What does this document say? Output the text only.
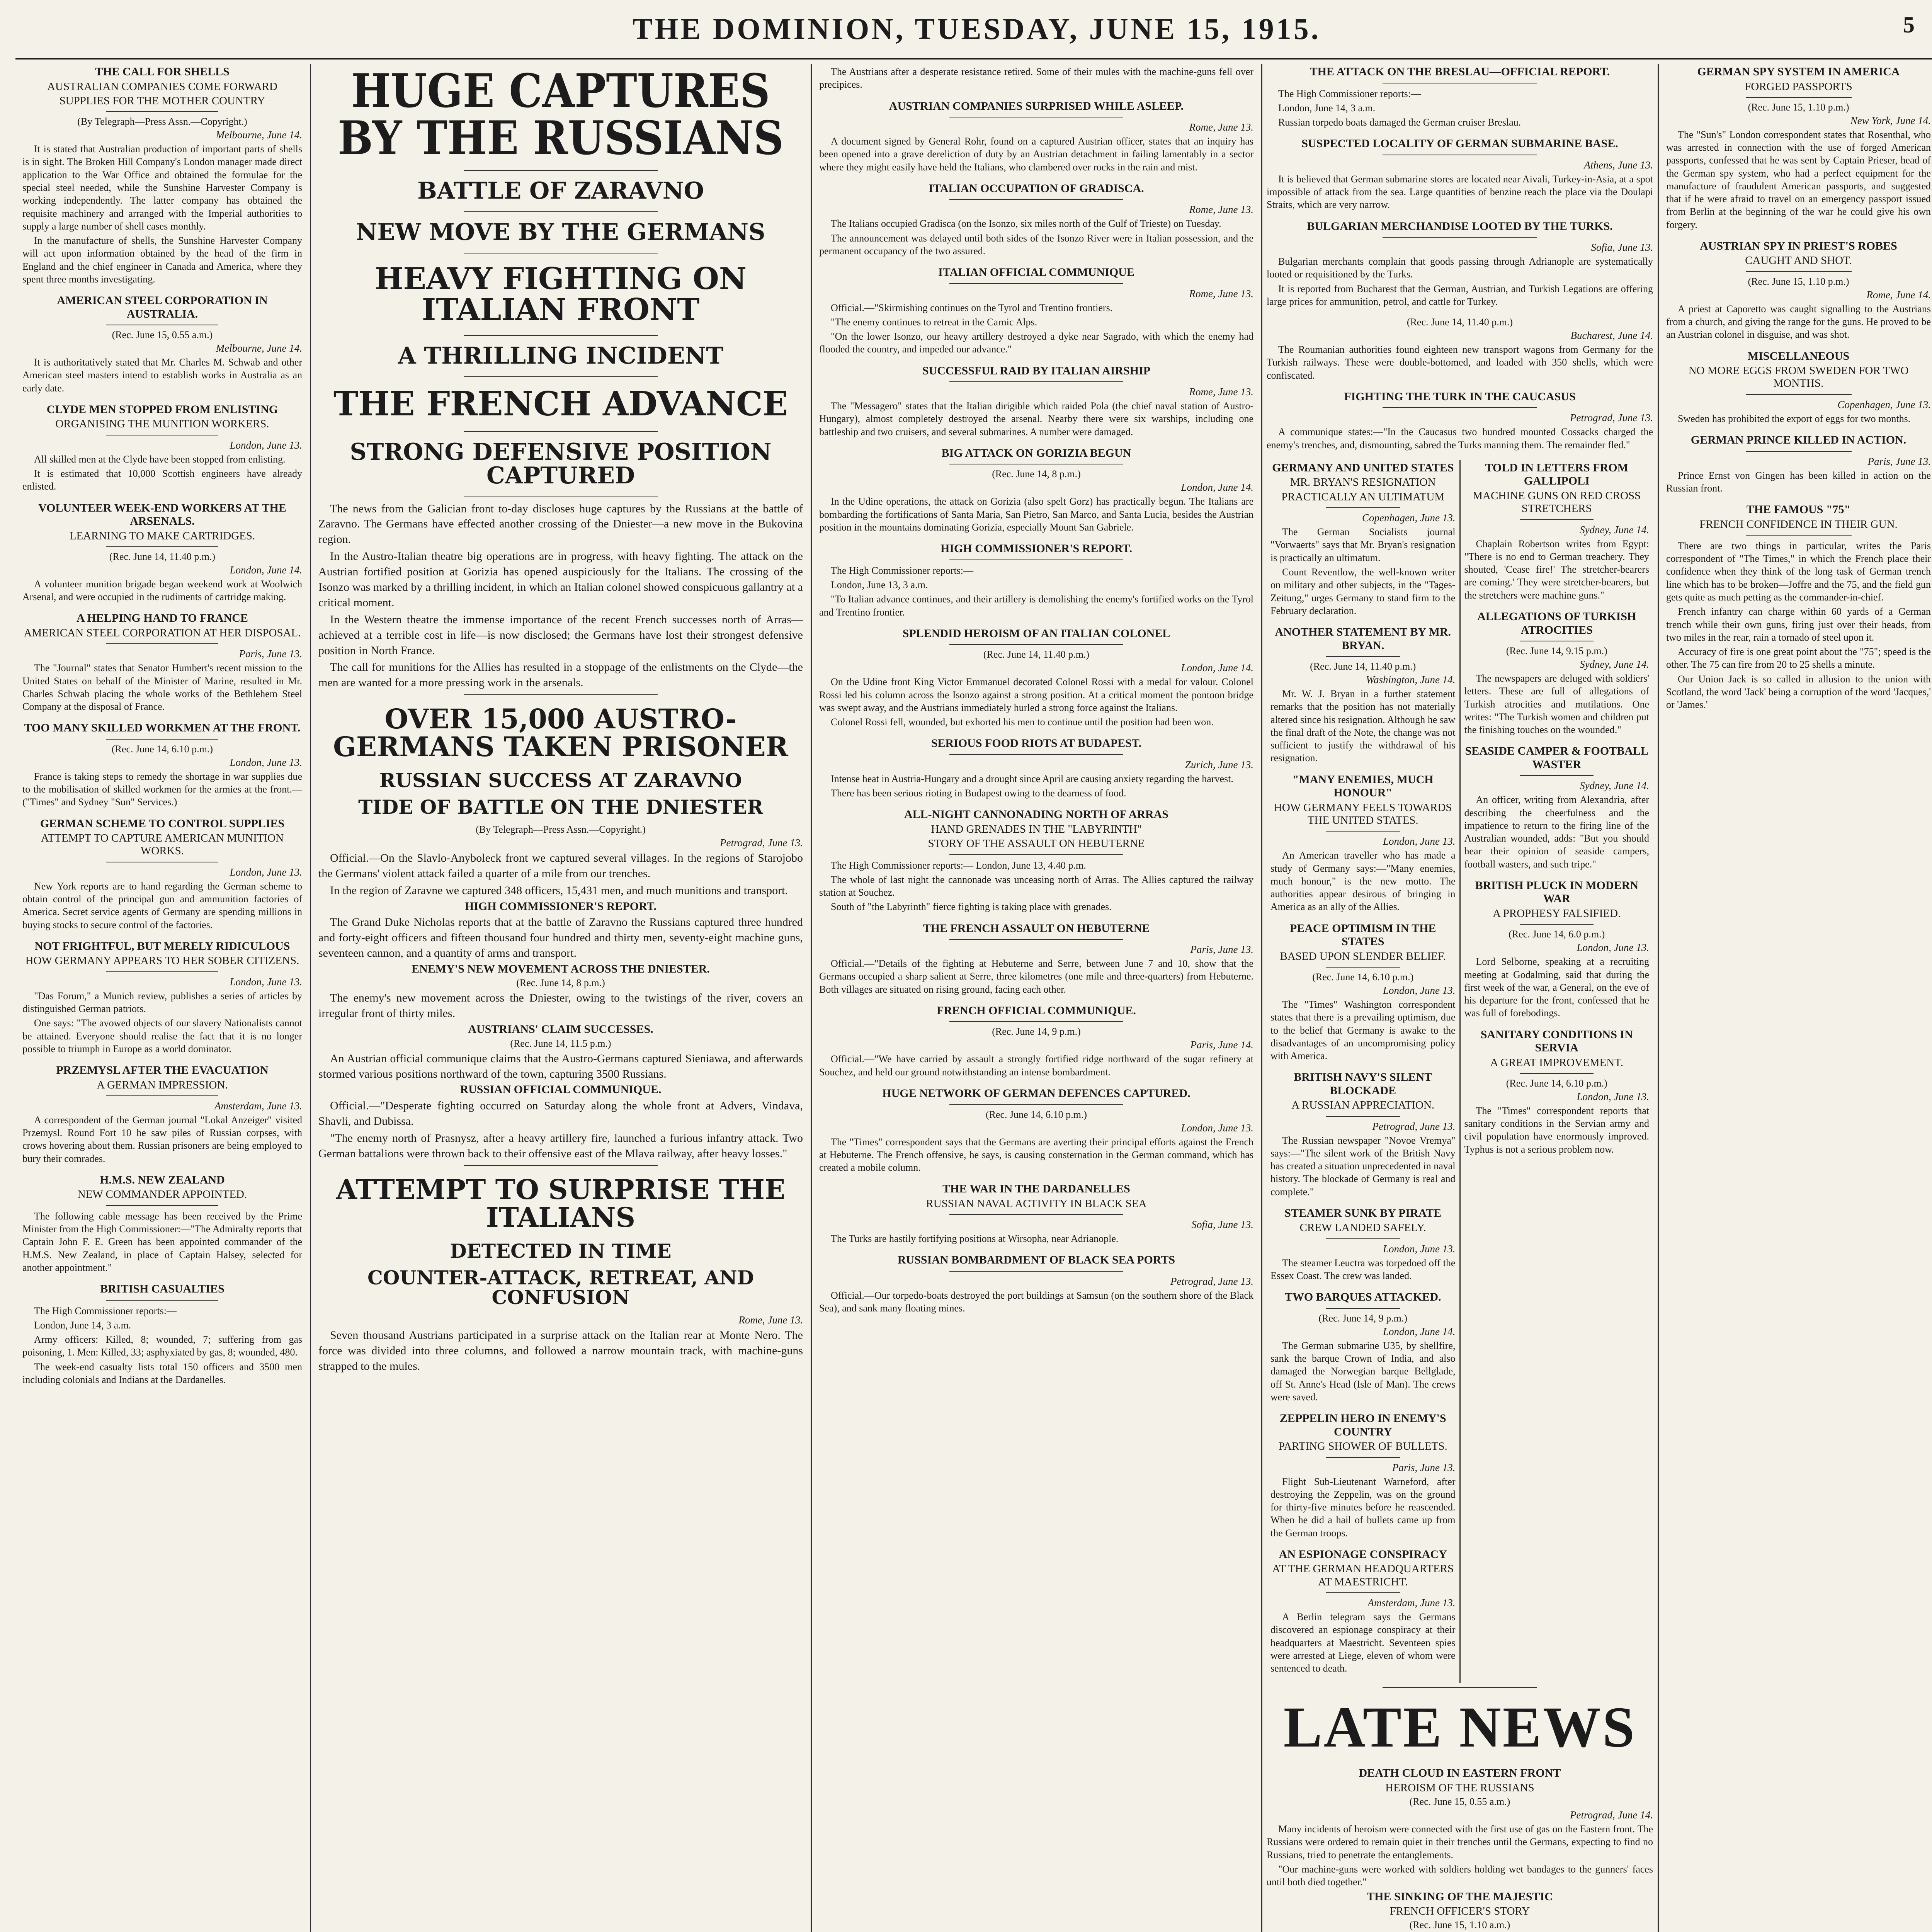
THE DOMINION, TUESDAY, JUNE 15, 1915.	5
THE CALL FOR SHELLS
AUSTRALIAN COMPANIES COME FORWARD
SUPPLIES FOR THE MOTHER COUNTRY
(By Telegraph—Press Assn.—Copyright.)
Melbourne, June 14.

It is stated that Australian production of important parts of shells is in sight. The Broken Hill Company's London manager made direct application to the War Office and obtained the formulae for the special steel needed, while the Sunshine Harvester Company is working independently. The latter company has obtained the requisite machinery and arranged with the Imperial authorities to supply a large number of shell cases monthly.

In the manufacture of shells, the Sunshine Harvester Company will act upon information obtained by the head of the firm in England and the chief engineer in Canada and America, where they spent three months investigating.

AMERICAN STEEL CORPORATION IN AUSTRALIA.
(Rec. June 15, 0.55 a.m.)
Melbourne, June 14.

It is authoritatively stated that Mr. Charles M. Schwab and other American steel masters intend to establish works in Australia as an early date.

CLYDE MEN STOPPED FROM ENLISTING
ORGANISING THE MUNITION WORKERS.
London, June 13.

All skilled men at the Clyde have been stopped from enlisting.

It is estimated that 10,000 Scottish engineers have already enlisted.

VOLUNTEER WEEK-END WORKERS AT THE ARSENALS.
LEARNING TO MAKE CARTRIDGES.
(Rec. June 14, 11.40 p.m.)
London, June 14.

A volunteer munition brigade began weekend work at Woolwich Arsenal, and were occupied in the rudiments of cartridge making.

A HELPING HAND TO FRANCE
AMERICAN STEEL CORPORATION AT HER DISPOSAL.
Paris, June 13.

The "Journal" states that Senator Humbert's recent mission to the United States on behalf of the Minister of Marine, resulted in Mr. Charles Schwab placing the whole works of the Bethlehem Steel Company at the disposal of France.

TOO MANY SKILLED WORKMEN AT THE FRONT.
(Rec. June 14, 6.10 p.m.)
London, June 13.

France is taking steps to remedy the shortage in war supplies due to the mobilisation of skilled workmen for the armies at the front.—("Times" and Sydney "Sun" Services.)

GERMAN SCHEME TO CONTROL SUPPLIES
ATTEMPT TO CAPTURE AMERICAN MUNITION WORKS.
London, June 13.

New York reports are to hand regarding the German scheme to obtain control of the principal gun and ammunition factories of America. Secret service agents of Germany are spending millions in buying stocks to secure control of the factories.

NOT FRIGHTFUL, BUT MERELY RIDICULOUS
HOW GERMANY APPEARS TO HER SOBER CITIZENS.
London, June 13.

"Das Forum," a Munich review, publishes a series of articles by distinguished German patriots.

One says: "The avowed objects of our slavery Nationalists cannot be attained. Everyone should realise the fact that it is no longer possible to triumph in Europe as a world dominator.

PRZEMYSL AFTER THE EVACUATION
A GERMAN IMPRESSION.
Amsterdam, June 13.

A correspondent of the German journal "Lokal Anzeiger" visited Przemysl. Round Fort 10 he saw piles of Russian corpses, with crows hovering about them. Russian prisoners are being employed to bury their comrades.

H.M.S. NEW ZEALAND
NEW COMMANDER APPOINTED.

The following cable message has been received by the Prime Minister from the High Commissioner:—"The Admiralty reports that Captain John F. E. Green has been appointed commander of the H.M.S. New Zealand, in place of Captain Halsey, selected for another appointment."

BRITISH CASUALTIES

The High Commissioner reports:—

London, June 14, 3 a.m.

Army officers: Killed, 8; wounded, 7; suffering from gas poisoning, 1. Men: Killed, 33; asphyxiated by gas, 8; wounded, 480.

The week-end casualty lists total 150 officers and 3500 men including colonials and Indians at the Dardanelles.

HUGE CAPTURES BY THE RUSSIANS
BATTLE OF ZARAVNO
NEW MOVE BY THE GERMANS
HEAVY FIGHTING ON ITALIAN FRONT
A THRILLING INCIDENT
THE FRENCH ADVANCE
STRONG DEFENSIVE POSITION CAPTURED

The news from the Galician front to-day discloses huge captures by the Russians at the battle of Zaravno. The Germans have effected another crossing of the Dniester—a new move in the Bukovina region.

In the Austro-Italian theatre big operations are in progress, with heavy fighting. The attack on the Austrian fortified position at Gorizia has opened auspiciously for the Italians. The crossing of the Isonzo was marked by a thrilling incident, in which an Italian colonel showed conspicuous gallantry at a critical moment.

In the Western theatre the immense importance of the recent French successes north of Arras—achieved at a terrible cost in life—is now disclosed; the Germans have lost their strongest defensive position in North France.

The call for munitions for the Allies has resulted in a stoppage of the enlistments on the Clyde—the men are wanted for a more pressing work in the arsenals.

OVER 15,000 AUSTRO-GERMANS TAKEN PRISONER
RUSSIAN SUCCESS AT ZARAVNO
TIDE OF BATTLE ON THE DNIESTER
(By Telegraph—Press Assn.—Copyright.)
Petrograd, June 13.

Official.—On the Slavlo-Anyboleck front we captured several villages. In the regions of Starojobo the Germans' violent attack failed a quarter of a mile from our trenches.

In the region of Zaravne we captured 348 officers, 15,431 men, and much munitions and transport.

HIGH COMMISSIONER'S REPORT.

The Grand Duke Nicholas reports that at the battle of Zaravno the Russians captured three hundred and forty-eight officers and fifteen thousand four hundred and thirty men, seventy-eight machine guns, seventeen cannon, and a quantity of arms and transport.

ENEMY'S NEW MOVEMENT ACROSS THE DNIESTER.
(Rec. June 14, 8 p.m.)

The enemy's new movement across the Dniester, owing to the twistings of the river, covers an irregular front of thirty miles.

AUSTRIANS' CLAIM SUCCESSES.
(Rec. June 14, 11.5 p.m.)

An Austrian official communique claims that the Austro-Germans captured Sieniawa, and afterwards stormed various positions northward of the town, capturing 3500 Russians.

RUSSIAN OFFICIAL COMMUNIQUE.

Official.—"Desperate fighting occurred on Saturday along the whole front at Advers, Vindava, Shavli, and Dubissa.

"The enemy north of Prasnysz, after a heavy artillery fire, launched a furious infantry attack. Two German battalions were thrown back to their offensive east of the Mlava railway, after heavy losses."

ATTEMPT TO SURPRISE THE ITALIANS
DETECTED IN TIME
COUNTER-ATTACK, RETREAT, AND CONFUSION
Rome, June 13.

Seven thousand Austrians participated in a surprise attack on the Italian rear at Monte Nero. The force was divided into three columns, and followed a narrow mountain track, with machine-guns strapped to the mules.

The Austrians after a desperate resistance retired. Some of their mules with the machine-guns fell over precipices.

AUSTRIAN COMPANIES SURPRISED WHILE ASLEEP.
Rome, June 13.

A document signed by General Rohr, found on a captured Austrian officer, states that an inquiry has been opened into a grave dereliction of duty by an Austrian detachment in failing lamentably in a sector where they might easily have held the Italians, who clambered over rocks in the rain and mist.

ITALIAN OCCUPATION OF GRADISCA.
Rome, June 13.

The Italians occupied Gradisca (on the Isonzo, six miles north of the Gulf of Trieste) on Tuesday.

The announcement was delayed until both sides of the Isonzo River were in Italian possession, and the permanent occupancy of the two assured.

ITALIAN OFFICIAL COMMUNIQUE
Rome, June 13.

Official.—"Skirmishing continues on the Tyrol and Trentino frontiers.

"The enemy continues to retreat in the Carnic Alps.

"On the lower Isonzo, our heavy artillery destroyed a dyke near Sagrado, with which the enemy had flooded the country, and impeded our advance."

SUCCESSFUL RAID BY ITALIAN AIRSHIP
Rome, June 13.

The "Messagero" states that the Italian dirigible which raided Pola (the chief naval station of Austro-Hungary), almost completely destroyed the arsenal. Nearby there were six warships, including one battleship and two cruisers, and several submarines. A number were damaged.

BIG ATTACK ON GORIZIA BEGUN
(Rec. June 14, 8 p.m.)
London, June 14.

In the Udine operations, the attack on Gorizia (also spelt Gorz) has practically begun. The Italians are bombarding the fortifications of Santa Maria, San Pietro, San Marco, and Santa Lucia, besides the Austrian position in the mountains dominating Gorizia, especially Mount San Gabriele.

HIGH COMMISSIONER'S REPORT.

The High Commissioner reports:—

London, June 13, 3 a.m.

"To Italian advance continues, and their artillery is demolishing the enemy's fortified works on the Tyrol and Trentino frontier.

SPLENDID HEROISM OF AN ITALIAN COLONEL
(Rec. June 14, 11.40 p.m.)
London, June 14.

On the Udine front King Victor Emmanuel decorated Colonel Rossi with a medal for valour. Colonel Rossi led his column across the Isonzo against a strong position. At a critical moment the pontoon bridge was swept away, and the Austrians immediately hurled a strong force against the Italians.

Colonel Rossi fell, wounded, but exhorted his men to continue until the position had been won.

SERIOUS FOOD RIOTS AT BUDAPEST.
Zurich, June 13.

Intense heat in Austria-Hungary and a drought since April are causing anxiety regarding the harvest.

There has been serious rioting in Budapest owing to the dearness of food.

ALL-NIGHT CANNONADING NORTH OF ARRAS
HAND GRENADES IN THE "LABYRINTH"
STORY OF THE ASSAULT ON HEBUTERNE

The High Commissioner reports:— London, June 13, 4.40 p.m.

The whole of last night the cannonade was unceasing north of Arras. The Allies captured the railway station at Souchez.

South of "the Labyrinth" fierce fighting is taking place with grenades.

THE FRENCH ASSAULT ON HEBUTERNE
Paris, June 13.

Official.—"Details of the fighting at Hebuterne and Serre, between June 7 and 10, show that the Germans occupied a sharp salient at Serre, three kilometres (one mile and three-quarters) from Hebuterne. Both villages are situated on rising ground, facing each other.

FRENCH OFFICIAL COMMUNIQUE.
(Rec. June 14, 9 p.m.)
Paris, June 14.

Official.—"We have carried by assault a strongly fortified ridge northward of the sugar refinery at Souchez, and held our ground notwithstanding an intense bombardment.

HUGE NETWORK OF GERMAN DEFENCES CAPTURED.
(Rec. June 14, 6.10 p.m.)
London, June 13.

The "Times" correspondent says that the Germans are averting their principal efforts against the French at Hebuterne. The French offensive, he says, is causing consternation in the German command, which has created a mobile column.

THE WAR IN THE DARDANELLES
RUSSIAN NAVAL ACTIVITY IN BLACK SEA
Sofia, June 13.

The Turks are hastily fortifying positions at Wirsopha, near Adrianople.

RUSSIAN BOMBARDMENT OF BLACK SEA PORTS
Petrograd, June 13.

Official.—Our torpedo-boats destroyed the port buildings at Samsun (on the southern shore of the Black Sea), and sank many floating mines.

THE ATTACK ON THE BRESLAU—OFFICIAL REPORT.

The High Commissioner reports:—

London, June 14, 3 a.m.

Russian torpedo boats damaged the German cruiser Breslau.

SUSPECTED LOCALITY OF GERMAN SUBMARINE BASE.
Athens, June 13.

It is believed that German submarine stores are located near Aivali, Turkey-in-Asia, at a spot impossible of attack from the sea. Large quantities of benzine reach the place via the Doulapi Straits, which are very narrow.

BULGARIAN MERCHANDISE LOOTED BY THE TURKS.
Sofia, June 13.

Bulgarian merchants complain that goods passing through Adrianople are systematically looted or requisitioned by the Turks.

It is reported from Bucharest that the German, Austrian, and Turkish Legations are offering large prices for ammunition, petrol, and cattle for Turkey.

(Rec. June 14, 11.40 p.m.)
Bucharest, June 14.

The Roumanian authorities found eighteen new transport wagons from Germany for the Turkish railways. These were double-bottomed, and loaded with 350 shells, which were confiscated.

FIGHTING THE TURK IN THE CAUCASUS
Petrograd, June 13.

A communique states:—"In the Caucasus two hundred mounted Cossacks charged the enemy's trenches, and, dismounting, sabred the Turks manning them. The remainder fled."

GERMANY AND UNITED STATES
MR. BRYAN'S RESIGNATION
PRACTICALLY AN ULTIMATUM
Copenhagen, June 13.

The German Socialists journal "Vorwaerts" says that Mr. Bryan's resignation is practically an ultimatum.

Count Reventlow, the well-known writer on military and other subjects, in the "Tages-Zeitung," urges Germany to stand firm to the February declaration.

ANOTHER STATEMENT BY MR. BRYAN.
(Rec. June 14, 11.40 p.m.)
Washington, June 14.

Mr. W. J. Bryan in a further statement remarks that the position has not materially altered since his resignation. Although he saw the final draft of the Note, the change was not sufficient to justify the withdrawal of his resignation.

"MANY ENEMIES, MUCH HONOUR"
HOW GERMANY FEELS TOWARDS THE UNITED STATES.
London, June 13.

An American traveller who has made a study of Germany says:—"Many enemies, much honour," is the new motto. The authorities appear desirous of bringing in America as an ally of the Allies.

PEACE OPTIMISM IN THE STATES
BASED UPON SLENDER BELIEF.
(Rec. June 14, 6.10 p.m.)
London, June 13.

The "Times" Washington correspondent states that there is a prevailing optimism, due to the belief that Germany is awake to the disadvantages of an uncompromising policy with America.

BRITISH NAVY'S SILENT BLOCKADE
A RUSSIAN APPRECIATION.
Petrograd, June 13.

The Russian newspaper "Novoe Vremya" says:—"The silent work of the British Navy has created a situation unprecedented in naval history. The blockade of Germany is real and complete."

STEAMER SUNK BY PIRATE
CREW LANDED SAFELY.
London, June 13.

The steamer Leuctra was torpedoed off the Essex Coast. The crew was landed.

TWO BARQUES ATTACKED.
(Rec. June 14, 9 p.m.)
London, June 14.

The German submarine U35, by shellfire, sank the barque Crown of India, and also damaged the Norwegian barque Bellglade, off St. Anne's Head (Isle of Man). The crews were saved.

ZEPPELIN HERO IN ENEMY'S COUNTRY
PARTING SHOWER OF BULLETS.
Paris, June 13.

Flight Sub-Lieutenant Warneford, after destroying the Zeppelin, was on the ground for thirty-five minutes before he reascended. When he did a hail of bullets came up from the German troops.

AN ESPIONAGE CONSPIRACY
AT THE GERMAN HEADQUARTERS AT MAESTRICHT.
Amsterdam, June 13.

A Berlin telegram says the Germans discovered an espionage conspiracy at their headquarters at Maestricht. Seventeen spies were arrested at Liege, eleven of whom were sentenced to death.

TOLD IN LETTERS FROM GALLIPOLI
MACHINE GUNS ON RED CROSS STRETCHERS
Sydney, June 14.

Chaplain Robertson writes from Egypt: "There is no end to German treachery. They shouted, 'Cease fire!' The stretcher-bearers are coming.' They were stretcher-bearers, but the stretchers were machine guns."

ALLEGATIONS OF TURKISH ATROCITIES
(Rec. June 14, 9.15 p.m.)
Sydney, June 14.

The newspapers are deluged with soldiers' letters. These are full of allegations of Turkish atrocities and mutilations. One writes: "The Turkish women and children put the finishing touches on the wounded."

SEASIDE CAMPER & FOOTBALL WASTER
Sydney, June 14.

An officer, writing from Alexandria, after describing the cheerfulness and the impatience to return to the firing line of the Australian wounded, adds: "But you should hear their opinion of seaside campers, football wasters, and such tripe."

BRITISH PLUCK IN MODERN WAR
A PROPHESY FALSIFIED.
(Rec. June 14, 6.0 p.m.)
London, June 13.

Lord Selborne, speaking at a recruiting meeting at Godalming, said that during the first week of the war, a General, on the eve of his departure for the front, confessed that he was full of forebodings.

SANITARY CONDITIONS IN SERVIA
A GREAT IMPROVEMENT.
(Rec. June 14, 6.10 p.m.)
London, June 13.

The "Times" correspondent reports that sanitary conditions in the Servian army and civil population have enormously improved. Typhus is not a serious problem now.

LATE NEWS
DEATH CLOUD IN EASTERN FRONT
HEROISM OF THE RUSSIANS
(Rec. June 15, 0.55 a.m.)
Petrograd, June 14.

Many incidents of heroism were connected with the first use of gas on the Eastern front. The Russians were ordered to remain quiet in their trenches until the Germans, expecting to find no Russians, tried to penetrate the entanglements.

"Our machine-guns were worked with soldiers holding wet bandages to the gunners' faces until both died together."

THE SINKING OF THE MAJESTIC
FRENCH OFFICER'S STORY
(Rec. June 15, 1.10 a.m.)

GERMAN SPY SYSTEM IN AMERICA
FORGED PASSPORTS
(Rec. June 15, 1.10 p.m.)
New York, June 14.

The "Sun's" London correspondent states that Rosenthal, who was arrested in connection with the use of forged American passports, confessed that he was sent by Captain Prieser, head of the German spy system, who had a perfect equipment for the manufacture of fraudulent American passports, and suggested that if he were afraid to travel on an emergency passport issued from Berlin at the beginning of the war he could give his own forgery.

AUSTRIAN SPY IN PRIEST'S ROBES
CAUGHT AND SHOT.
(Rec. June 15, 1.10 p.m.)
Rome, June 14.

A priest at Caporetto was caught signalling to the Austrians from a church, and giving the range for the guns. He proved to be an Austrian colonel in disguise, and was shot.

MISCELLANEOUS
NO MORE EGGS FROM SWEDEN FOR TWO MONTHS.
Copenhagen, June 13.

Sweden has prohibited the export of eggs for two months.

GERMAN PRINCE KILLED IN ACTION.
Paris, June 13.

Prince Ernst von Gingen has been killed in action on the Russian front.

THE FAMOUS "75"
FRENCH CONFIDENCE IN THEIR GUN.

There are two things in particular, writes the Paris correspondent of "The Times," in which the French place their confidence when they think of the long task of German trench line which has to be broken—Joffre and the 75, and the field gun gets quite as much petting as the commander-in-chief.

French infantry can charge within 60 yards of a German trench while their own guns, firing just over their heads, from two miles in the rear, rain a tornado of steel upon it.

Accuracy of fire is one great point about the "75"; speed is the other. The 75 can fire from 20 to 25 shells a minute.

Our Union Jack is so called in allusion to the union with Scotland, the word 'Jack' being a corruption of the word 'Jacques,' or 'James.'
